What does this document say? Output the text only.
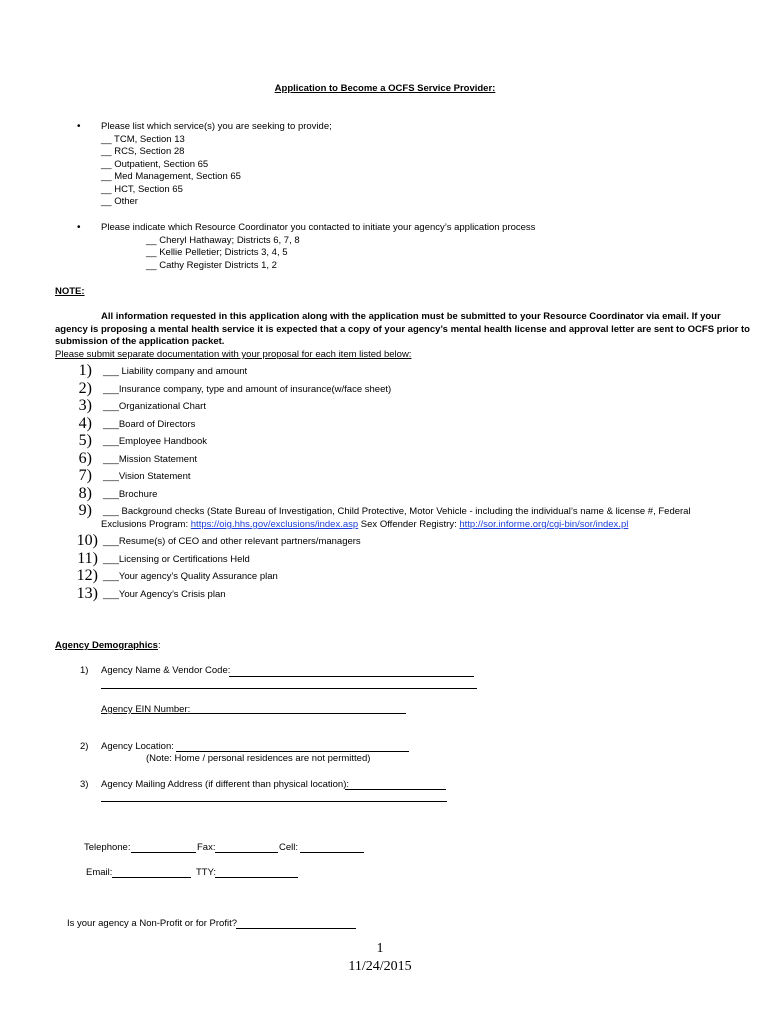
Application to Become a OCFS Service Provider:
• Please list which service(s) you are seeking to provide;
__ TCM, Section 13
__ RCS, Section 28
__ Outpatient, Section 65
__ Med Management, Section 65
__ HCT, Section 65
__ Other
• Please indicate which Resource Coordinator you contacted to initiate your agency’s application process
__ Cheryl Hathaway; Districts 6, 7, 8
__ Kellie Pelletier; Districts 3, 4, 5
__ Cathy Register Districts 1, 2
NOTE:
All information requested in this application along with the application must be submitted to your Resource Coordinator via email. If your
agency is proposing a mental health service it is expected that a copy of your agency’s mental health license and approval letter are sent to OCFS prior to
submission of the application packet.
Please submit separate documentation with your proposal for each item listed below:
1) ___ Liability company and amount
2) ___Insurance company, type and amount of insurance(w/face sheet)
3) ___Organizational Chart
4) ___Board of Directors
5) ___Employee Handbook
6) ___Mission Statement
7) ___Vision Statement
8) ___Brochure
9) ___ Background checks (State Bureau of Investigation, Child Protective, Motor Vehicle - including the individual’s name & license #, Federal
Exclusions Program: https://oig.hhs.gov/exclusions/index.asp Sex Offender Registry: http://sor.informe.org/cgi-bin/sor/index.pl
10) ___Resume(s) of CEO and other relevant partners/managers
11) ___Licensing or Certifications Held
12) ___Your agency’s Quality Assurance plan
13) ___Your Agency’s Crisis plan
Agency Demographics:
1) Agency Name & Vendor Code:
Agency EIN Number:
2) Agency Location:
(Note: Home / personal residences are not permitted)
3) Agency Mailing Address (if different than physical location):
Telephone:	Fax:	Cell:
Email:	TTY:
Is your agency a Non-Profit or for Profit?
1
11/24/2015
